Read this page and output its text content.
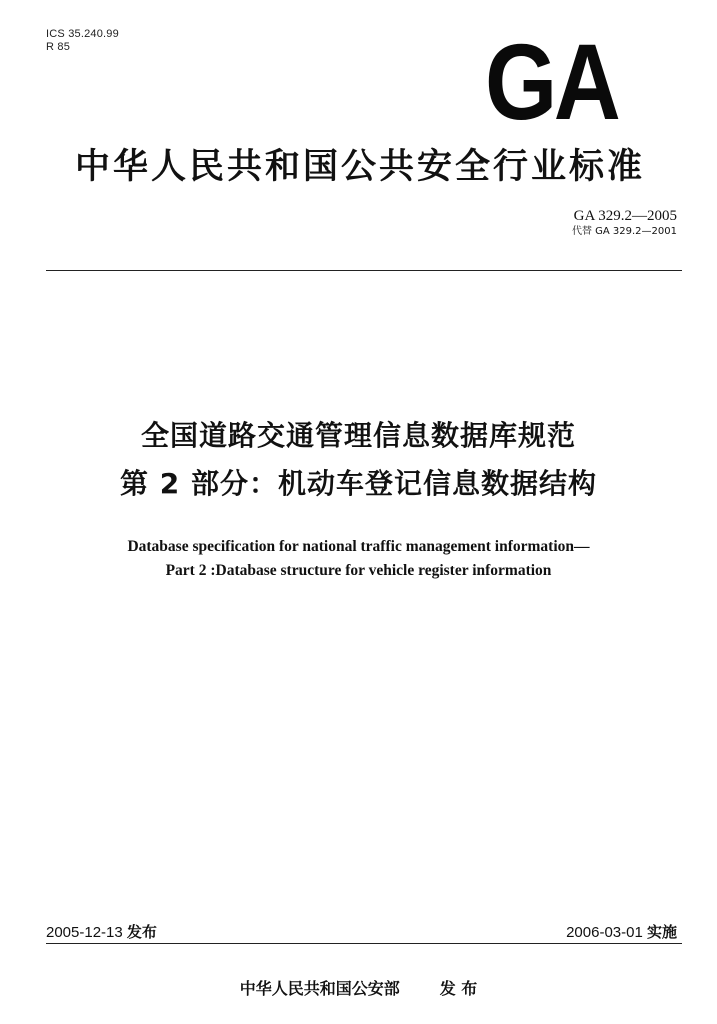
ICS 35.240.99
R 85	GA
中华人民共和国公共安全行业标准
GA 329.2—2005
代替 GA 329.2—2001
全国道路交通管理信息数据库规范
第 2 部分：机动车登记信息数据结构
Database specification for national traffic management information—
Part 2 :Database structure for vehicle register information
2005-12-13 发布	2006-03-01 实施
中华人民共和国公安部	发 布
